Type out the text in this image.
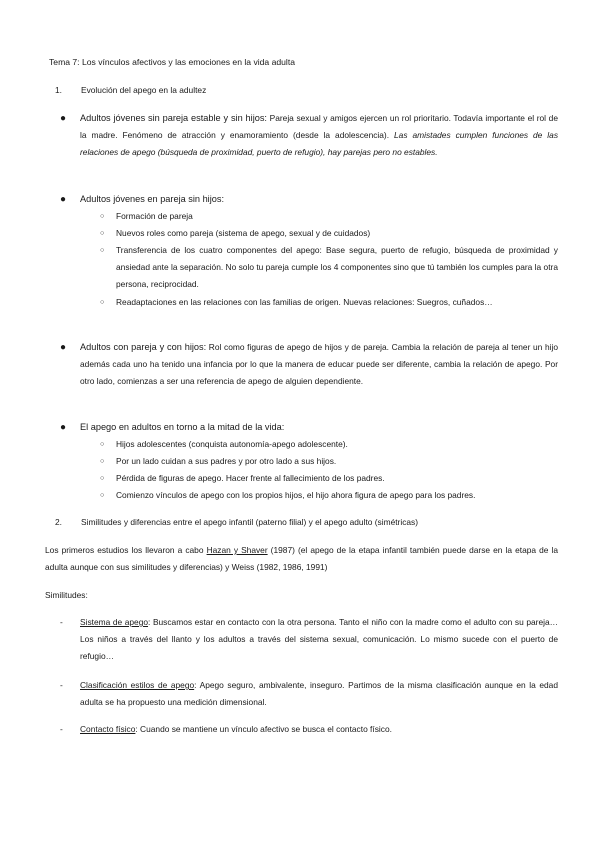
Tema 7: Los vínculos afectivos y las emociones en la vida adulta
1. Evolución del apego en la adultez
● Adultos jóvenes sin pareja estable y sin hijos: Pareja sexual y amigos ejercen un rol prioritario. Todavía importante el rol de la madre. Fenómeno de atracción y enamoramiento (desde la adolescencia). Las amistades cumplen funciones de las relaciones de apego (búsqueda de proximidad, puerto de refugio), hay parejas pero no estables.
● Adultos jóvenes en pareja sin hijos:
○ Formación de pareja
○ Nuevos roles como pareja (sistema de apego, sexual y de cuidados)
○ Transferencia de los cuatro componentes del apego: Base segura, puerto de refugio, búsqueda de proximidad y ansiedad ante la separación. No solo tu pareja cumple los 4 componentes sino que tú también los cumples para la otra persona, reciprocidad.
○ Readaptaciones en las relaciones con las familias de origen. Nuevas relaciones: Suegros, cuñados…
● Adultos con pareja y con hijos: Rol como figuras de apego de hijos y de pareja. Cambia la relación de pareja al tener un hijo además cada uno ha tenido una infancia por lo que la manera de educar puede ser diferente, cambia la relación de apego. Por otro lado, comienzas a ser una referencia de apego de alguien dependiente.
● El apego en adultos en torno a la mitad de la vida:
○ Hijos adolescentes (conquista autonomía-apego adolescente).
○ Por un lado cuidan a sus padres y por otro lado a sus hijos.
○ Pérdida de figuras de apego. Hacer frente al fallecimiento de los padres.
○ Comienzo vínculos de apego con los propios hijos, el hijo ahora figura de apego para los padres.
2. Similitudes y diferencias entre el apego infantil (paterno filial) y el apego adulto (simétricas)
Los primeros estudios los llevaron a cabo Hazan y Shaver (1987) (el apego de la etapa infantil también puede darse en la etapa de la adulta aunque con sus similitudes y diferencias) y Weiss (1982, 1986, 1991)
Similitudes:
- Sistema de apego: Buscamos estar en contacto con la otra persona. Tanto el niño con la madre como el adulto con su pareja…Los niños a través del llanto y los adultos a través del sistema sexual, comunicación. Lo mismo sucede con el puerto de refugio…
- Clasificación estilos de apego: Apego seguro, ambivalente, inseguro. Partimos de la misma clasificación aunque en la edad adulta se ha propuesto una medición dimensional.
- Contacto físico: Cuando se mantiene un vínculo afectivo se busca el contacto físico.
